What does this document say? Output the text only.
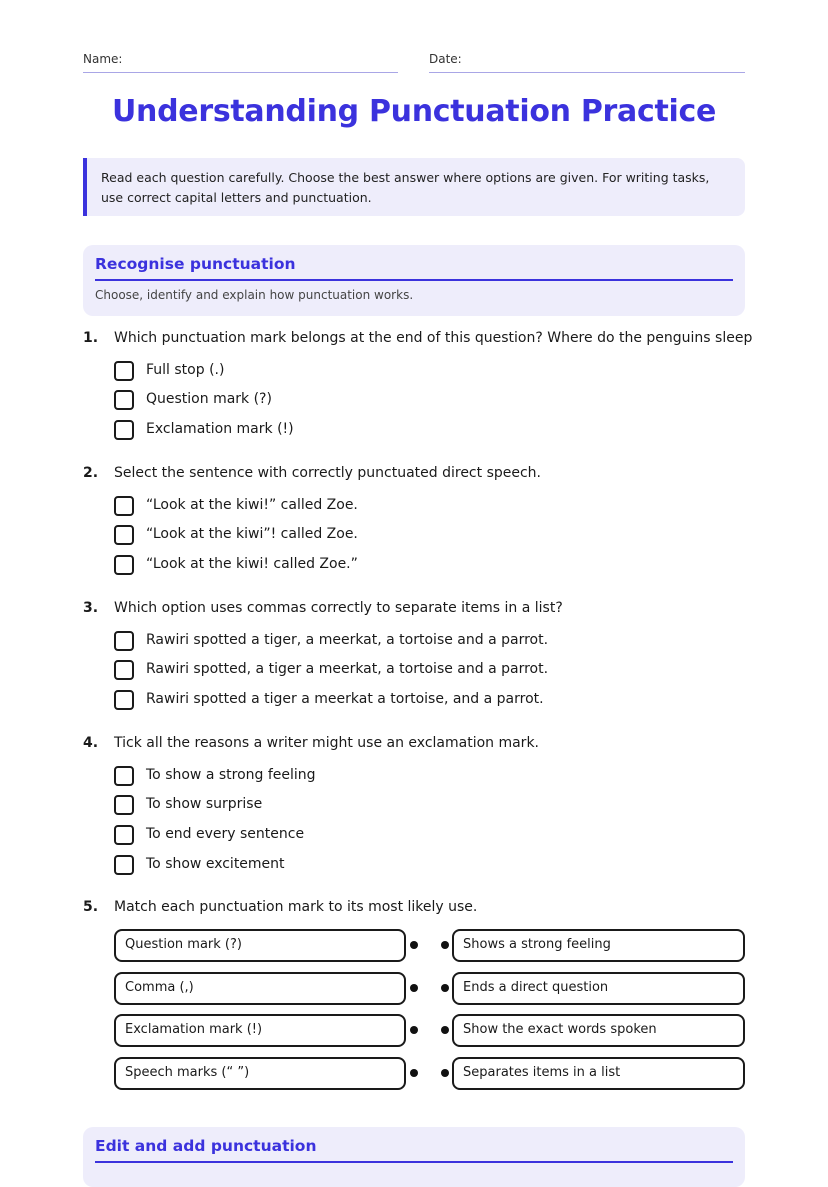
Name:	Date:
Understanding Punctuation Practice
Read each question carefully. Choose the best answer where options are given. For writing tasks, use correct capital letters and punctuation.
Recognise punctuation
Choose, identify and explain how punctuation works.
1. Which punctuation mark belongs at the end of this question? Where do the penguins sleep
Full stop (.)
Question mark (?)
Exclamation mark (!)
2. Select the sentence with correctly punctuated direct speech.
“Look at the kiwi!” called Zoe.
“Look at the kiwi”! called Zoe.
“Look at the kiwi! called Zoe.”
3. Which option uses commas correctly to separate items in a list?
Rawiri spotted a tiger, a meerkat, a tortoise and a parrot.
Rawiri spotted, a tiger a meerkat, a tortoise and a parrot.
Rawiri spotted a tiger a meerkat a tortoise, and a parrot.
4. Tick all the reasons a writer might use an exclamation mark.
To show a strong feeling
To show surprise
To end every sentence
To show excitement
5. Match each punctuation mark to its most likely use.
Question mark (?)	Shows a strong feeling
Comma (,)	Ends a direct question
Exclamation mark (!)	Show the exact words spoken
Speech marks (“ ”)	Separates items in a list
Edit and add punctuation
